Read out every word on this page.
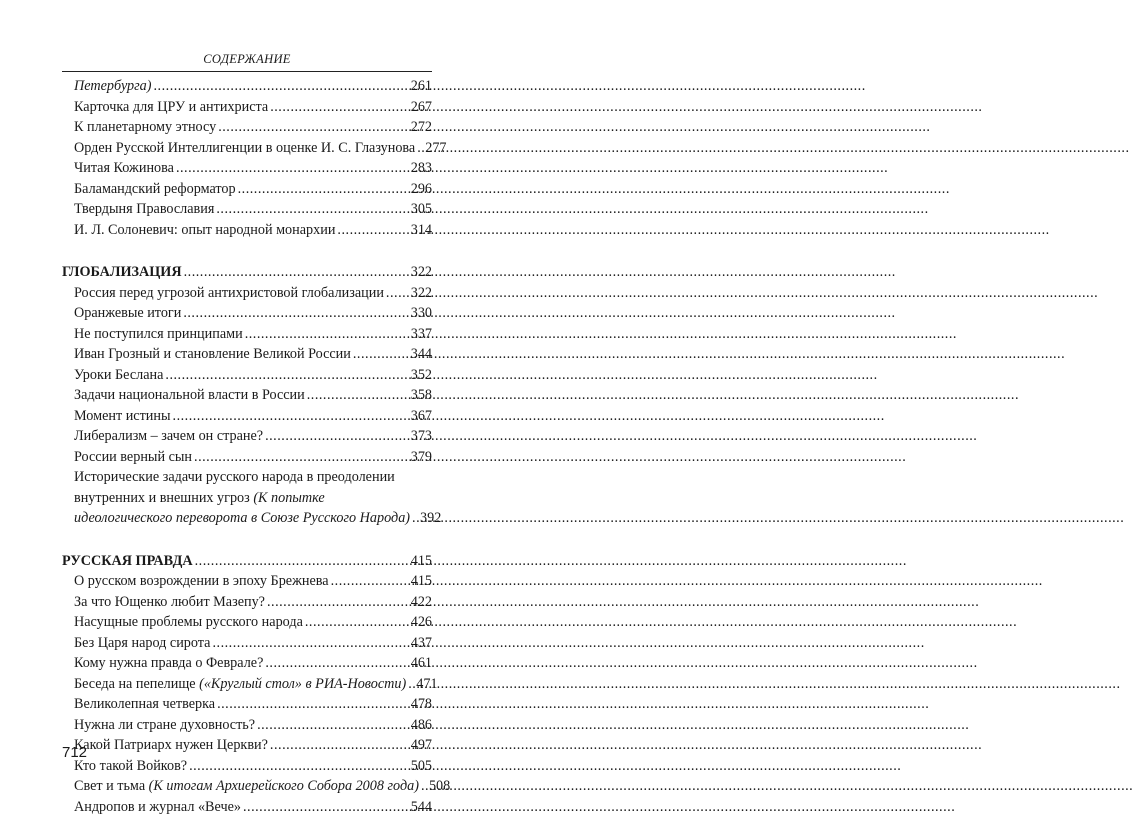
СОДЕРЖАНИЕ
Петербурга) .....	261
Карточка для ЦРУ и антихриста .....	267
К планетарному этносу .....	272
Орден Русской Интеллигенции в оценке И. С. Глазунова ..... 277
Читая Кожинова .....	283
Баламандский реформатор .....	296
Твердыня Православия .....	305
И. Л. Солоневич: опыт народной монархии .....	314
ГЛОБАЛИЗАЦИЯ .....	322
Россия перед угрозой антихристовой глобализации ..... 322
Оранжевые итоги .....	330
Не поступился принципами .....	337
Иван Грозный и становление Великой России .....	344
Уроки Беслана .....	352
Задачи национальной власти в России .....	358
Момент истины .....	367
Либерализм – зачем он стране? .....	373
России верный сын .....	379
Исторические задачи русского народа в преодолении
внутренних и внешних угроз (К попытке
идеологического переворота в Союзе Русского Народа) ..... 392
РУССКАЯ ПРАВДА .....	415
О русском возрождении в эпоху Брежнева .....	415
За что Ющенко любит Мазепу? .....	422
Насущные проблемы русского народа .....	426
Без Царя народ сирота .....	437
Кому нужна правда о Феврале? .....	461
Беседа на пепелище («Круглый стол» в РИА-Новости) ..... 471
Великолепная четверка .....	478
Нужна ли стране духовность? .....	486
Какой Патриарх нужен Церкви? .....	497
Кто такой Войков? .....	505
Свет и тьма (К итогам Архиерейского Собора 2008 года) ..... 508
Андропов и журнал «Вече» .....	544
712
